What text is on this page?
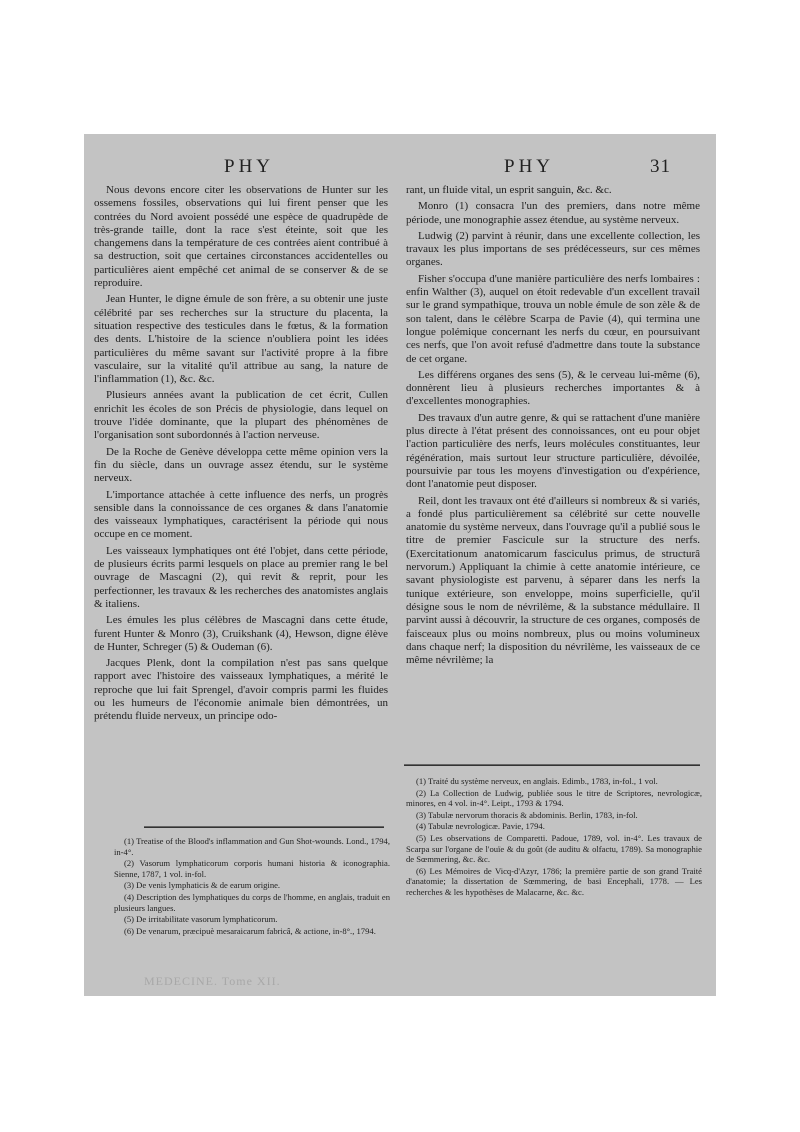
PHY	PHY	31

Nous devons encore citer les observations de Hunter sur les ossemens fossiles, observations qui lui firent penser que les contrées du Nord avoient possédé une espèce de quadrupède de très-grande taille, dont la race s'est éteinte, soit que les changemens dans la température de ces contrées aient contribué à sa destruction, soit que certaines circonstances accidentelles ou particulières aient empêché cet animal de se conserver & de se reproduire.

Jean Hunter, le digne émule de son frère, a su obtenir une juste célébrité par ses recherches sur la structure du placenta, la situation respective des testicules dans le fœtus, & la formation des dents. L'histoire de la science n'oubliera point les idées particulières du même savant sur l'activité propre à la fibre vasculaire, sur la vitalité qu'il attribue au sang, la nature de l'inflammation (1), &c. &c.

Plusieurs années avant la publication de cet écrit, Cullen enrichit les écoles de son Précis de physiologie, dans lequel on trouve l'idée dominante, que la plupart des phénomènes de l'organisation sont subordonnés à l'action nerveuse.

De la Roche de Genève développa cette même opinion vers la fin du siècle, dans un ouvrage assez étendu, sur le système nerveux.

L'importance attachée à cette influence des nerfs, un progrès sensible dans la connoissance de ces organes & dans l'anatomie des vaisseaux lymphatiques, caractérisent la période qui nous occupe en ce moment.

Les vaisseaux lymphatiques ont été l'objet, dans cette période, de plusieurs écrits parmi lesquels on place au premier rang le bel ouvrage de Mascagni (2), qui revit & reprit, pour les perfectionner, les travaux & les recherches des anatomistes anglais & italiens.

Les émules les plus célèbres de Mascagni dans cette étude, furent Hunter & Monro (3), Cruikshank (4), Hewson, digne élève de Hunter, Schreger (5) & Oudeman (6).

Jacques Plenk, dont la compilation n'est pas sans quelque rapport avec l'histoire des vaisseaux lymphatiques, a mérité le reproche que lui fait Sprengel, d'avoir compris parmi les fluides ou les humeurs de l'économie animale bien démontrées, un prétendu fluide nerveux, un principe odo-

rant, un fluide vital, un esprit sanguin, &c. &c.

Monro (1) consacra l'un des premiers, dans notre même période, une monographie assez étendue, au système nerveux.

Ludwig (2) parvint à réunir, dans une excellente collection, les travaux les plus importans de ses prédécesseurs, sur ces mêmes organes.

Fisher s'occupa d'une manière particulière des nerfs lombaires : enfin Walther (3), auquel on étoit redevable d'un excellent travail sur le grand sympathique, trouva un noble émule de son zèle & de son talent, dans le célèbre Scarpa de Pavie (4), qui termina une longue polémique concernant les nerfs du cœur, en poursuivant ces nerfs, que l'on avoit refusé d'admettre dans toute la substance de cet organe.

Les différens organes des sens (5), & le cerveau lui-même (6), donnèrent lieu à plusieurs recherches importantes & à d'excellentes monographies.

Des travaux d'un autre genre, & qui se rattachent d'une manière plus directe à l'état présent des connoissances, ont eu pour objet l'action particulière des nerfs, leurs molécules constituantes, leur régénération, mais surtout leur structure particulière, dévoilée, poursuivie par tous les moyens d'investigation ou d'expérience, dont l'anatomie peut disposer.

Reil, dont les travaux ont été d'ailleurs si nombreux & si variés, a fondé plus particulièrement sa célébrité sur cette nouvelle anatomie du système nerveux, dans l'ouvrage qu'il a publié sous le titre de premier Fascicule sur la structure des nerfs. (Exercitationum anatomicarum fasciculus primus, de structurâ nervorum.) Appliquant la chimie à cette anatomie intérieure, ce savant physiologiste est parvenu, à séparer dans les nerfs la tunique extérieure, son enveloppe, moins superficielle, qu'il désigne sous le nom de névrilème, & la substance médullaire. Il parvint aussi à découvrir, la structure de ces organes, composés de faisceaux plus ou moins nombreux, plus ou moins volumineux dans chaque nerf; la disposition du névrilème, les vaisseaux de ce même névrilème; la

(1) Treatise of the Blood's inflammation and Gun Shot-wounds. Lond., 1794, in-4°.

(2) Vasorum lymphaticorum corporis humani historia & iconographia. Sienne, 1787, 1 vol. in-fol.

(3) De venis lymphaticis & de earum origine.

(4) Description des lymphatiques du corps de l'homme, en anglais, traduit en plusieurs langues.

(5) De irritabilitate vasorum lymphaticorum.

(6) De venarum, præcipuè mesaraicarum fabricâ, & actione, in-8°., 1794.

(1) Traité du système nerveux, en anglais. Edimb., 1783, in-fol., 1 vol.

(2) La Collection de Ludwig, publiée sous le titre de Scriptores, nevrologicæ, minores, en 4 vol. in-4°. Leipt., 1793 & 1794.

(3) Tabulæ nervorum thoracis & abdominis. Berlin, 1783, in-fol.

(4) Tabulæ nevrologicæ. Pavie, 1794.

(5) Les observations de Comparetti. Padoue, 1789, vol. in-4°. Les travaux de Scarpa sur l'organe de l'ouïe & du goût (de auditu & olfactu, 1789). Sa monographie de Sœmmering, &c. &c.

(6) Les Mémoires de Vicq-d'Azyr, 1786; la première partie de son grand Traité d'anatomie; la dissertation de Sœmmering, de basi Encephali, 1778. — Les recherches & les hypothèses de Malacarne, &c. &c.

MEDECINE. Tome XII.
